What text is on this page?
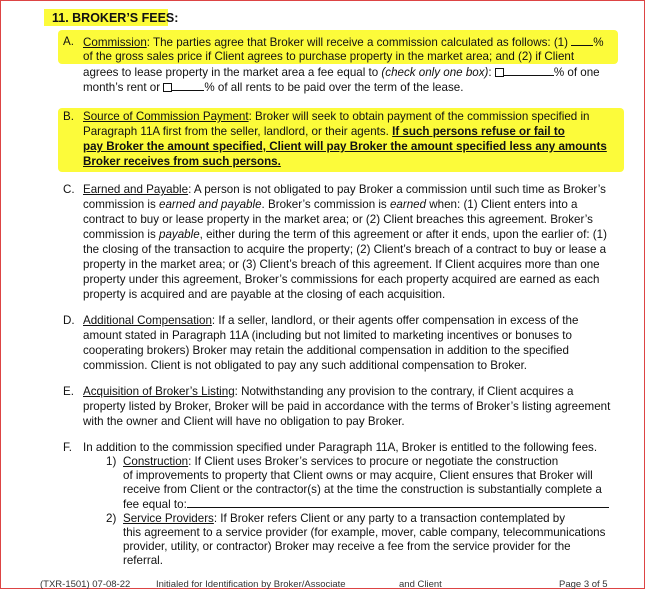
11. BROKER’S FEES:
A. Commission: The parties agree that Broker will receive a commission calculated as follows: (1) %
of the gross sales price if Client agrees to purchase property in the market area; and (2) if Client
agrees to lease property in the market area a fee equal to (check only one box):	% of one
month’s rent or	% of all rents to be paid over the term of the lease.
B. Source of Commission Payment: Broker will seek to obtain payment of the commission specified in
Paragraph 11A first from the seller, landlord, or their agents. If such persons refuse or fail to
pay Broker the amount specified, Client will pay Broker the amount specified less any amounts
Broker receives from such persons.
C. Earned and Payable: A person is not obligated to pay Broker a commission until such time as Broker’s
commission is earned and payable. Broker’s commission is earned when: (1) Client enters into a
contract to buy or lease property in the market area; or (2) Client breaches this agreement. Broker’s
commission is payable, either during the term of this agreement or after it ends, upon the earlier of: (1)
the closing of the transaction to acquire the property; (2) Client’s breach of a contract to buy or lease a
property in the market area; or (3) Client’s breach of this agreement. If Client acquires more than one
property under this agreement, Broker’s commissions for each property acquired are earned as each
property is acquired and are payable at the closing of each acquisition.
D. Additional Compensation: If a seller, landlord, or their agents offer compensation in excess of the
amount stated in Paragraph 11A (including but not limited to marketing incentives or bonuses to
cooperating brokers) Broker may retain the additional compensation in addition to the specified
commission. Client is not obligated to pay any such additional compensation to Broker.
E. Acquisition of Broker’s Listing: Notwithstanding any provision to the contrary, if Client acquires a
property listed by Broker, Broker will be paid in accordance with the terms of Broker’s listing agreement
with the owner and Client will have no obligation to pay Broker.
F. In addition to the commission specified under Paragraph 11A, Broker is entitled to the following fees.
1) Construction: If Client uses Broker’s services to procure or negotiate the construction
of improvements to property that Client owns or may acquire, Client ensures that Broker will
receive from Client or the contractor(s) at the time the construction is substantially complete a
fee equal to:
2) Service Providers: If Broker refers Client or any party to a transaction contemplated by
this agreement to a service provider (for example, mover, cable company, telecommunications
provider, utility, or contractor) Broker may receive a fee from the service provider for the
referral.
(TXR-1501) 07-08-22	Initialed for Identification by Broker/Associate	and Client	Page 3 of 5
